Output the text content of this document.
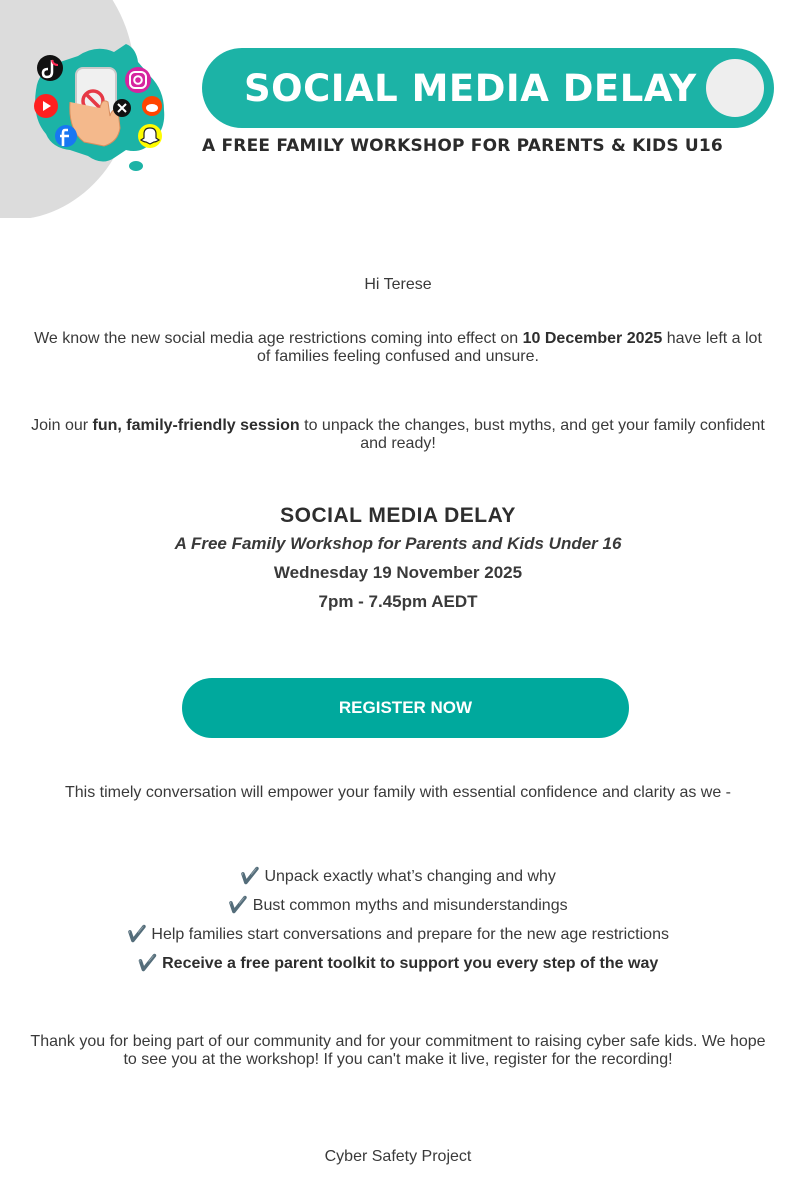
SOCIAL MEDIA DELAY
A FREE FAMILY WORKSHOP FOR PARENTS & KIDS U16
Hi Terese
We know the new social media age restrictions coming into effect on 10 December 2025 have left a lot of families feeling confused and unsure.
Join our fun, family-friendly session to unpack the changes, bust myths, and get your family confident and ready!
SOCIAL MEDIA DELAY
A Free Family Workshop for Parents and Kids Under 16
Wednesday 19 November 2025
7pm - 7.45pm AEDT
REGISTER NOW
This timely conversation will empower your family with essential confidence and clarity as we -
✔️ Unpack exactly what’s changing and why
✔️ Bust common myths and misunderstandings
✔️ Help families start conversations and prepare for the new age restrictions
✔️ Receive a free parent toolkit to support you every step of the way
Thank you for being part of our community and for your commitment to raising cyber safe kids. We hope to see you at the workshop! If you can't make it live, register for the recording!
Cyber Safety Project
